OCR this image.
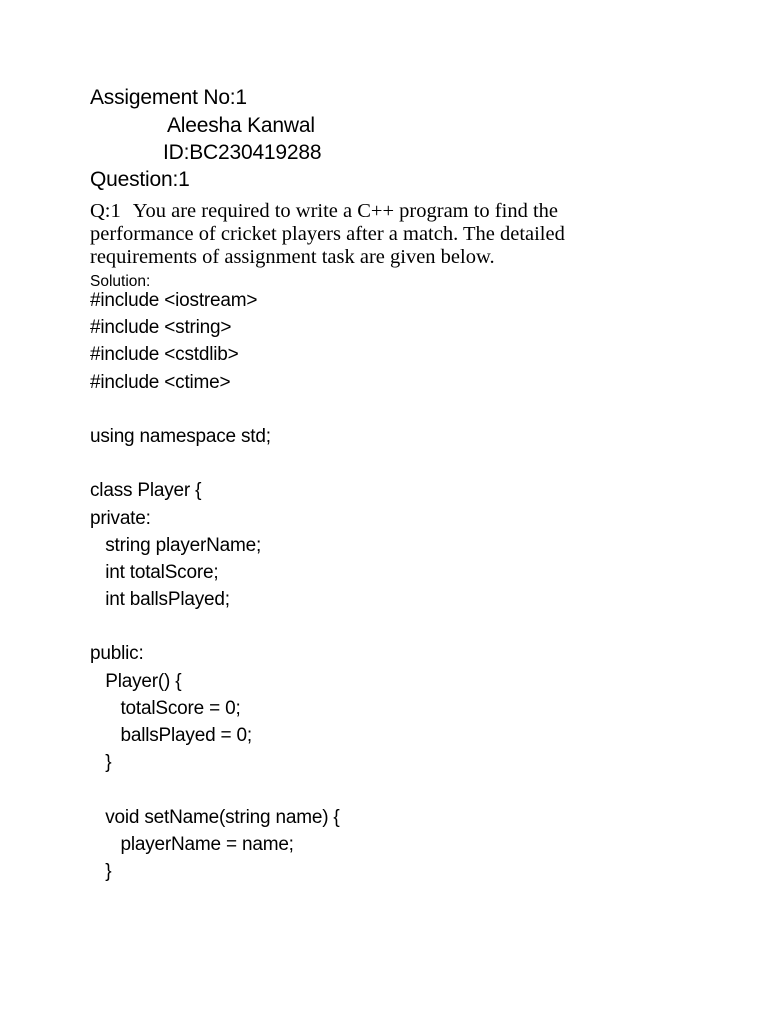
Assigement No:1
Aleesha Kanwal
ID:BC230419288
Question:1
Q:1 You are required to write a C++ program to find the performance of cricket players after a match. The detailed requirements of assignment task are given below.
Solution:
#include <iostream>
#include <string>
#include <cstdlib>
#include <ctime>
using namespace std;
class Player {
private:
string playerName;
int totalScore;
int ballsPlayed;
public:
Player() {
totalScore = 0;
ballsPlayed = 0;
}
void setName(string name) {
playerName = name;
}
